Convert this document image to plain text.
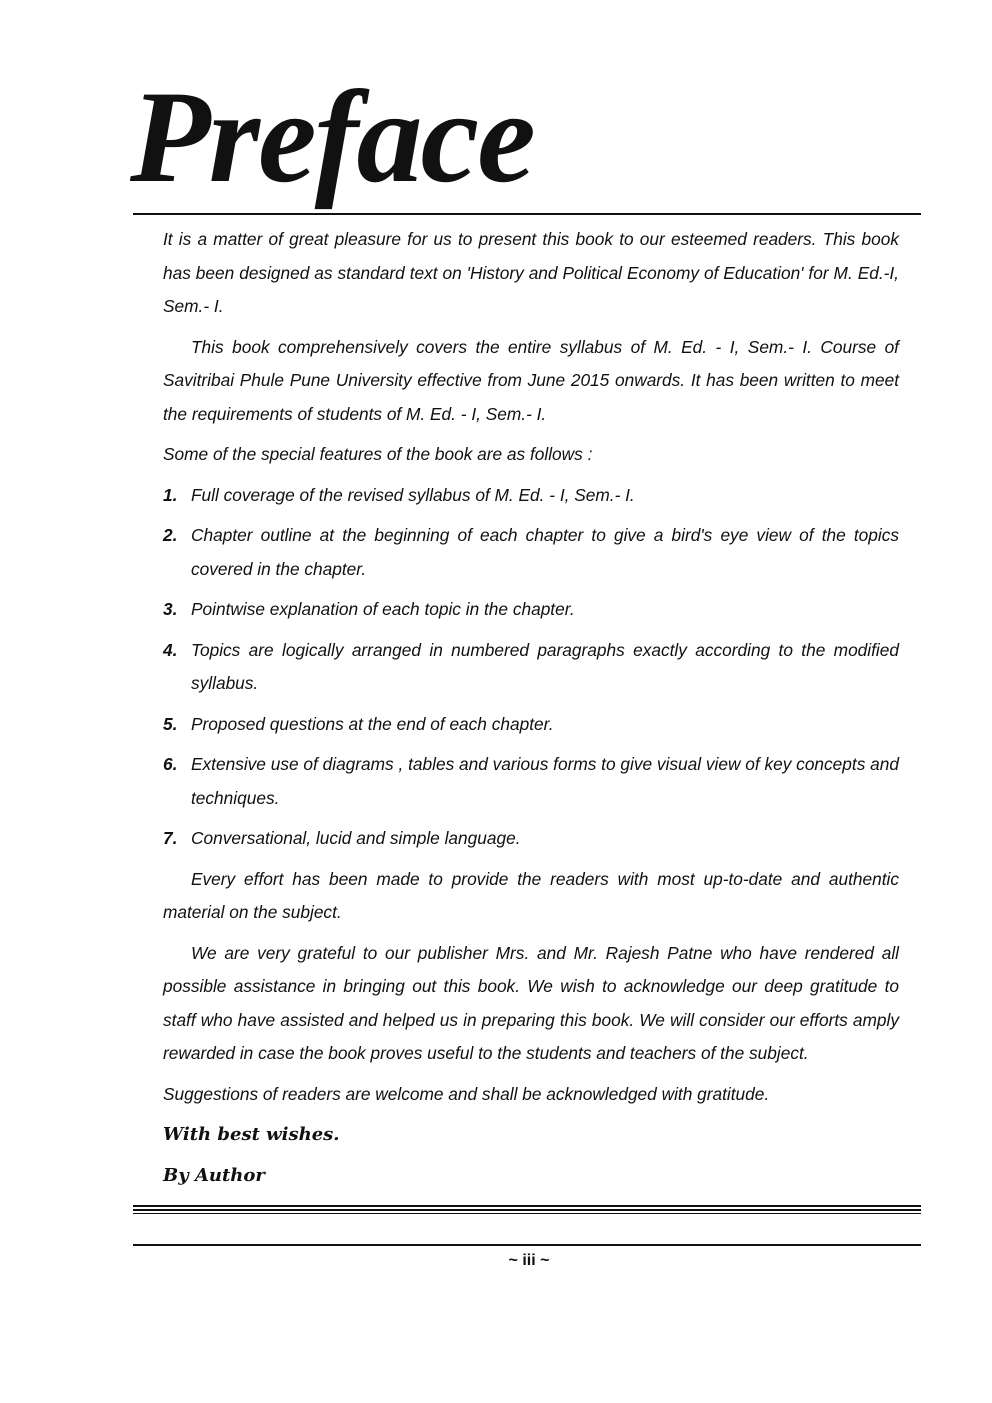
Preface

It is a matter of great pleasure for us to present this book to our esteemed readers. This book has been designed as standard text on 'History and Political Economy of Education' for M. Ed.-I, Sem.- I.

This book comprehensively covers the entire syllabus of M. Ed. - I, Sem.- I. Course of Savitribai Phule Pune University effective from June 2015 onwards. It has been written to meet the requirements of students of M. Ed. - I, Sem.- I.

Some of the special features of the book are as follows :

1. Full coverage of the revised syllabus of M. Ed. - I, Sem.- I.
2. Chapter outline at the beginning of each chapter to give a bird's eye view of the topics covered in the chapter.
3. Pointwise explanation of each topic in the chapter.
4. Topics are logically arranged in numbered paragraphs exactly according to the modified syllabus.
5. Proposed questions at the end of each chapter.
6. Extensive use of diagrams , tables and various forms to give visual view of key concepts and techniques.
7. Conversational, lucid and simple language.

Every effort has been made to provide the readers with most up-to-date and authentic material on the subject.

We are very grateful to our publisher Mrs. and Mr. Rajesh Patne who have rendered all possible assistance in bringing out this book. We wish to acknowledge our deep gratitude to staff who have assisted and helped us in preparing this book. We will consider our efforts amply rewarded in case the book proves useful to the students and teachers of the subject.

Suggestions of readers are welcome and shall be acknowledged with gratitude.

With best wishes.

By Author

~ iii ~
